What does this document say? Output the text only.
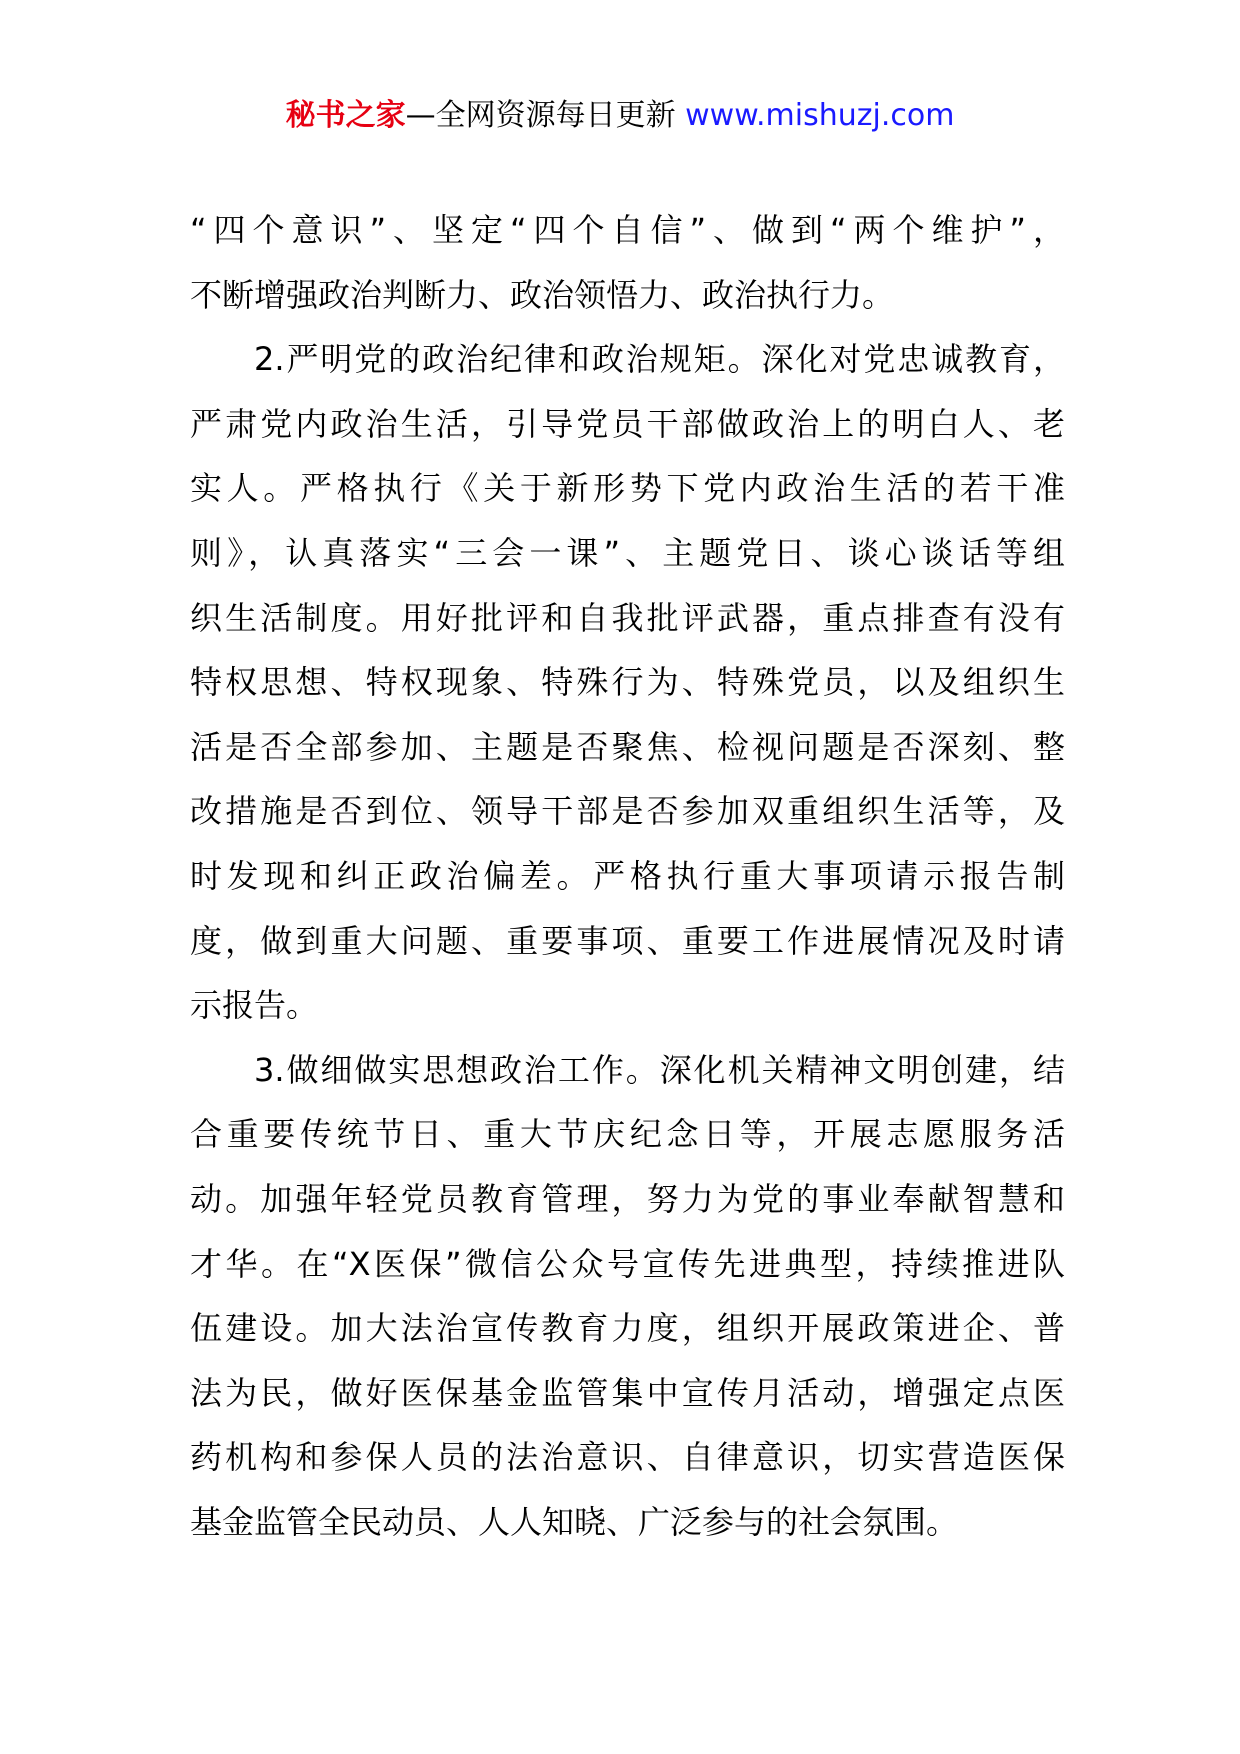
秘书之家—全网资源每日更新 www.mishuzj.com
“四个意识”、坚定“四个自信”、做到“两个维护”，
不断增强政治判断力、政治领悟力、政治执行力。
2.严明党的政治纪律和政治规矩。深化对党忠诚教育，
严肃党内政治生活，引导党员干部做政治上的明白人、老
实人。严格执行《关于新形势下党内政治生活的若干准
则》，认真落实“三会一课”、主题党日、谈心谈话等组
织生活制度。用好批评和自我批评武器，重点排查有没有
特权思想、特权现象、特殊行为、特殊党员，以及组织生
活是否全部参加、主题是否聚焦、检视问题是否深刻、整
改措施是否到位、领导干部是否参加双重组织生活等，及
时发现和纠正政治偏差。严格执行重大事项请示报告制
度，做到重大问题、重要事项、重要工作进展情况及时请
示报告。
3.做细做实思想政治工作。深化机关精神文明创建，结
合重要传统节日、重大节庆纪念日等，开展志愿服务活
动。加强年轻党员教育管理，努力为党的事业奉献智慧和
才华。在“X医保”微信公众号宣传先进典型，持续推进队
伍建设。加大法治宣传教育力度，组织开展政策进企、普
法为民，做好医保基金监管集中宣传月活动，增强定点医
药机构和参保人员的法治意识、自律意识，切实营造医保
基金监管全民动员、人人知晓、广泛参与的社会氛围。
